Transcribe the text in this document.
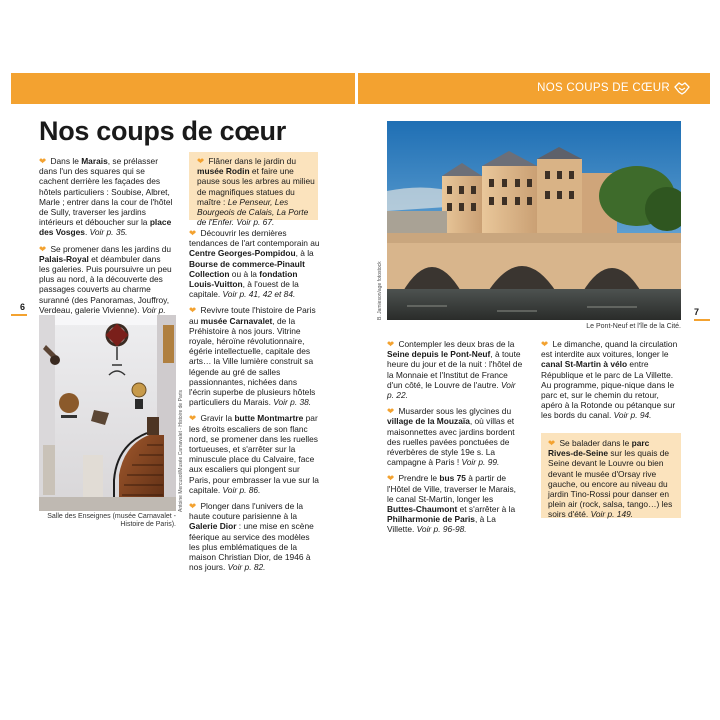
NOS COUPS DE CŒUR
Nos coups de cœur

❤ Dans le Marais, se prélasser dans l'un des squares qui se cachent derrière les façades des hôtels particuliers : Soubise, Albret, Marle ; entrer dans la cour de l'hôtel de Sully, traverser les jardins intérieurs et déboucher sur la place des Vosges. Voir p. 35.

❤ Se promener dans les jardins du Palais-Royal et déambuler dans les galeries. Puis poursuivre un peu plus au nord, à la découverte des passages couverts au charme suranné (des Panoramas, Jouffroy, Verdeau, galerie Vivienne). Voir p.

Antoine Mercusot/Musée Carnavalet - Histoire de Paris
Salle des Enseignes (musée Carnavalet - Histoire de Paris).
6

❤ Flâner dans le jardin du musée Rodin et faire une pause sous les arbres au milieu de magnifiques statues du maître : Le Penseur, Les Bourgeois de Calais, La Porte de l'Enfer. Voir p. 67.

❤ Découvrir les dernières tendances de l'art contemporain au Centre Georges-Pompidou, à la Bourse de commerce-Pinault Collection ou à la fondation Louis-Vuitton, à l'ouest de la capitale. Voir p. 41, 42 et 84.

❤ Revivre toute l'histoire de Paris au musée Carnavalet, de la Préhistoire à nos jours. Vitrine royale, héroïne révolutionnaire, égérie intellectuelle, capitale des arts… la Ville lumière construit sa légende au gré de salles passionnantes, nichées dans l'écrin superbe de plusieurs hôtels particuliers du Marais. Voir p. 38.

❤ Gravir la butte Montmartre par les étroits escaliers de son flanc nord, se promener dans les ruelles tortueuses, et s'arrêter sur la minuscule place du Calvaire, face aux escaliers qui plongent sur Paris, pour embrasser la vue sur la capitale. Voir p. 86.

❤ Plonger dans l'univers de la haute couture parisienne à la Galerie Dior : une mise en scène féerique au service des modèles les plus emblématiques de la maison Christian Dior, de 1946 à nos jours. Voir p. 82.

B. Jamieson/age fotostock
Le Pont-Neuf et l'île de la Cité.
7

❤ Contempler les deux bras de la Seine depuis le Pont-Neuf, à toute heure du jour et de la nuit : l'hôtel de la Monnaie et l'Institut de France d'un côté, le Louvre de l'autre. Voir p. 22.

❤ Musarder sous les glycines du village de la Mouzaïa, où villas et maisonnettes avec jardins bordent des ruelles pavées ponctuées de réverbères de style 19e s. La campagne à Paris ! Voir p. 99.

❤ Prendre le bus 75 à partir de l'Hôtel de Ville, traverser le Marais, le canal St-Martin, longer les Buttes-Chaumont et s'arrêter à la Philharmonie de Paris, à La Villette. Voir p. 96-98.

❤ Le dimanche, quand la circulation est interdite aux voitures, longer le canal St-Martin à vélo entre République et le parc de La Villette. Au programme, pique-nique dans le parc et, sur le chemin du retour, apéro à la Rotonde ou pétanque sur les bords du canal. Voir p. 94.

❤ Se balader dans le parc Rives-de-Seine sur les quais de Seine devant le Louvre ou bien devant le musée d'Orsay rive gauche, ou encore au niveau du jardin Tino-Rossi pour danser en plein air (rock, salsa, tango…) les soirs d'été. Voir p. 149.
